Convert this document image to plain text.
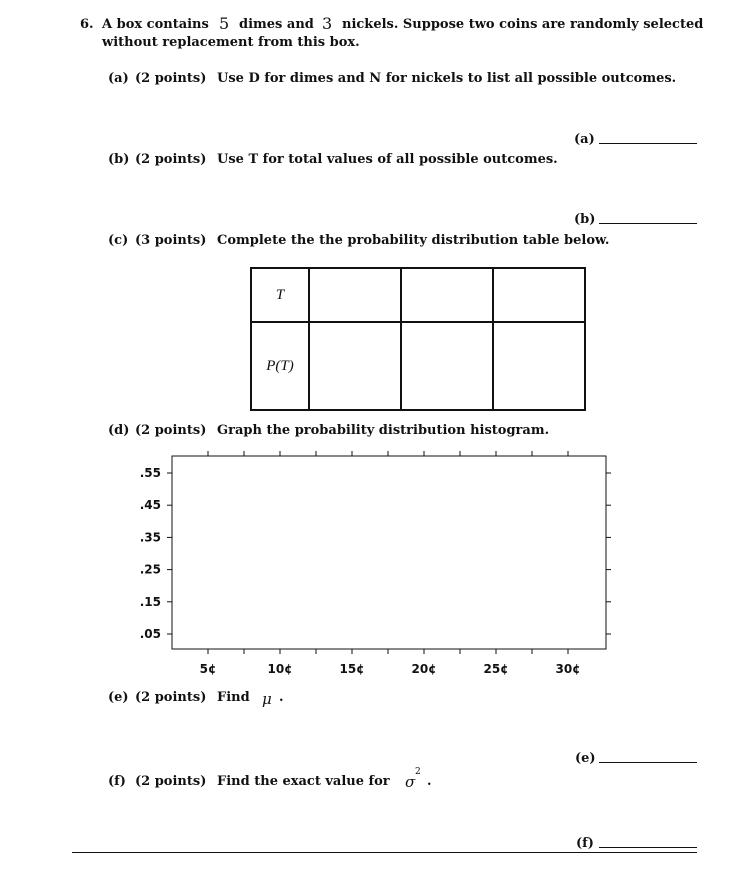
6. A box contains 5 dimes and 3 nickels. Suppose two coins are randomly selected
without replacement from this box.
(a) (2 points) Use D for dimes and N for nickels to list all possible outcomes.
(a)
(b) (2 points) Use T for total values of all possible outcomes.
(b)
(c) (3 points) Complete the the probability distribution table below.
T			
P(T)			
(d) (2 points) Graph the probability distribution histogram.
.55
.45
.35
.25
.15
.05
5¢	10¢	15¢	20¢	25¢	30¢
(e) (2 points) Find μ .
(e)
(f) (2 points) Find the exact value for σ
2
.
(f)
